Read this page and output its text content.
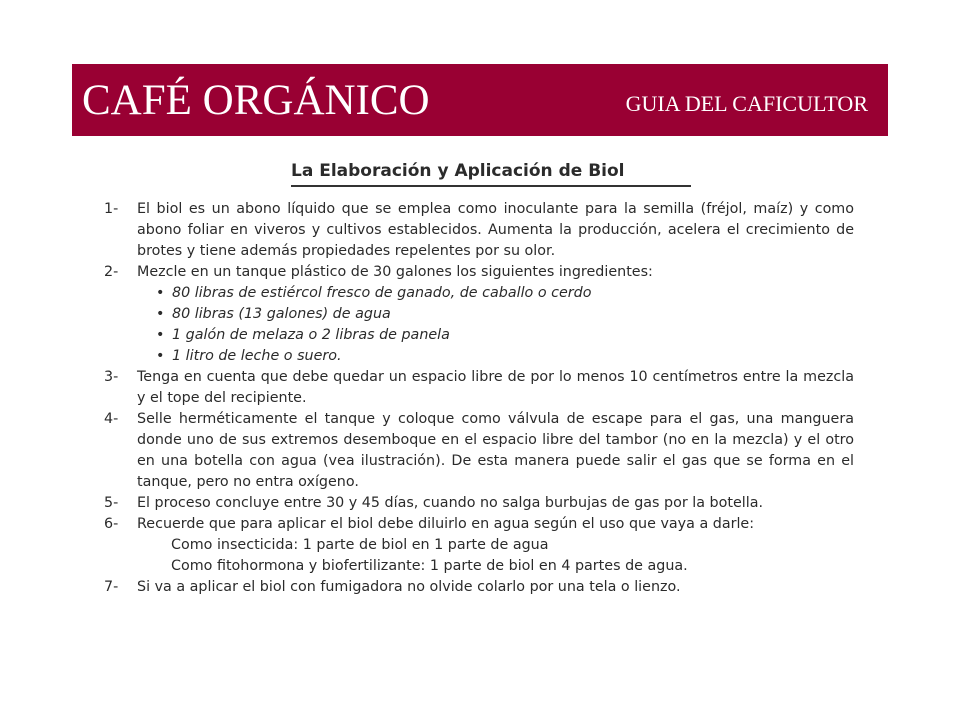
CAFÉ ORGÁNICO	GUIA DEL CAFICULTOR
La Elaboración y Aplicación de Biol
1-	El biol es un abono líquido que se emplea como inoculante para la semilla (fréjol, maíz) y como abono foliar en viveros y cultivos establecidos. Aumenta la producción, acelera el crecimiento de brotes y tiene además propiedades repelentes por su olor.
2-	Mezcle en un tanque plástico de 30 galones los siguientes ingredientes:
• 80 libras de estiércol fresco de ganado, de caballo o cerdo
• 80 libras (13 galones) de agua
• 1 galón de melaza o 2 libras de panela
• 1 litro de leche o suero.
3-	Tenga en cuenta que debe quedar un espacio libre de por lo menos 10 centímetros entre la mezcla y el tope del recipiente.
4-	Selle herméticamente el tanque y coloque como válvula de escape para el gas, una manguera donde uno de sus extremos desemboque en el espacio libre del tambor (no en la mezcla) y el otro en una botella con agua (vea ilustración). De esta manera puede salir el gas que se forma en el tanque, pero no entra oxígeno.
5-	El proceso concluye entre 30 y 45 días, cuando no salga burbujas de gas por la botella.
6-	Recuerde que para aplicar el biol debe diluirlo en agua según el uso que vaya a darle:
Como insecticida: 1 parte de biol en 1 parte de agua
Como fitohormona y biofertilizante: 1 parte de biol en 4 partes de agua.
7-	Si va a aplicar el biol con fumigadora no olvide colarlo por una tela o lienzo.
